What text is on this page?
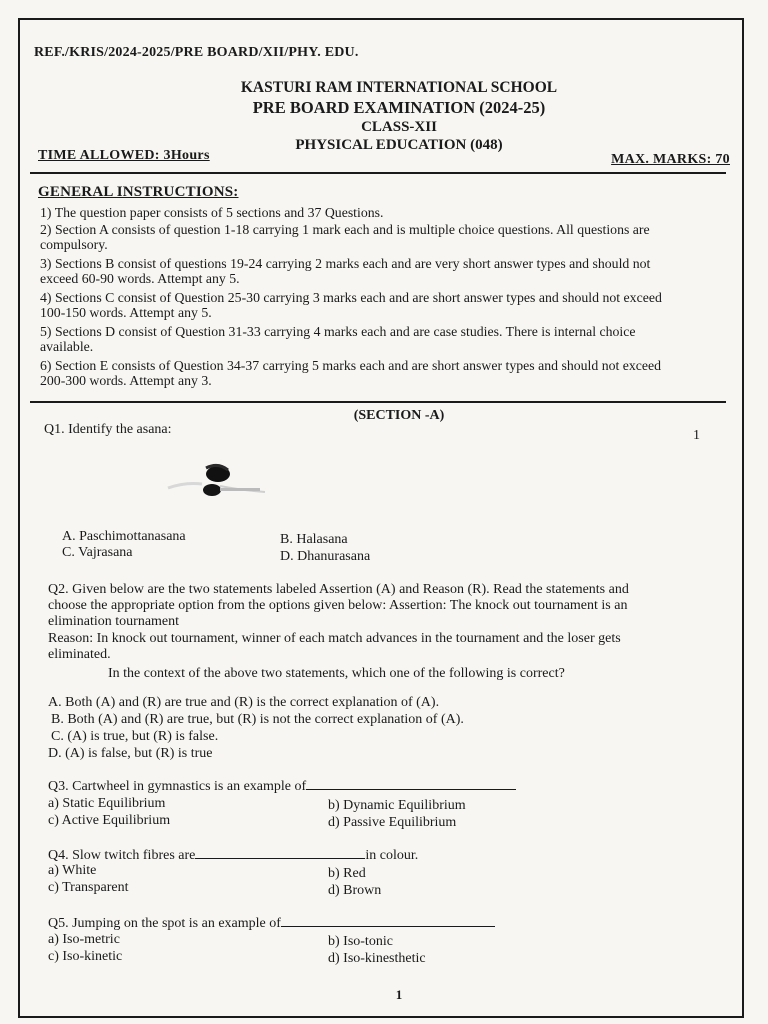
REF./KRIS/2024-2025/PRE BOARD/XII/PHY. EDU.
KASTURI RAM INTERNATIONAL SCHOOL
PRE BOARD EXAMINATION (2024-25)
CLASS-XII
PHYSICAL EDUCATION (048)
TIME ALLOWED: 3Hours	MAX. MARKS: 70
GENERAL INSTRUCTIONS:
1) The question paper consists of 5 sections and 37 Questions.
2) Section A consists of question 1-18 carrying 1 mark each and is multiple choice questions. All questions are compulsory.
3) Sections B consist of questions 19-24 carrying 2 marks each and are very short answer types and should not exceed 60-90 words. Attempt any 5.
4) Sections C consist of Question 25-30 carrying 3 marks each and are short answer types and should not exceed 100-150 words. Attempt any 5.
5) Sections D consist of Question 31-33 carrying 4 marks each and are case studies. There is internal choice available.
6) Section E consists of Question 34-37 carrying 5 marks each and are short answer types and should not exceed 200-300 words. Attempt any 3.
(SECTION -A)
Q1. Identify the asana:	1
A. Paschimottanasana	B. Halasana
C. Vajrasana	D. Dhanurasana
Q2. Given below are the two statements labeled Assertion (A) and Reason (R). Read the statements and
choose the appropriate option from the options given below: Assertion: The knock out tournament is an
elimination tournament
Reason: In knock out tournament, winner of each match advances in the tournament and the loser gets
eliminated.
In the context of the above two statements, which one of the following is correct?
A. Both (A) and (R) are true and (R) is the correct explanation of (A).
B. Both (A) and (R) are true, but (R) is not the correct explanation of (A).
C. (A) is true, but (R) is false.
D. (A) is false, but (R) is true
Q3. Cartwheel in gymnastics is an example of
a) Static Equilibrium	b) Dynamic Equilibrium
c) Active Equilibrium	d) Passive Equilibrium
Q4. Slow twitch fibres are	in colour.
a) White	b) Red
c) Transparent	d) Brown
Q5. Jumping on the spot is an example of
a) Iso-metric	b) Iso-tonic
c) Iso-kinetic	d) Iso-kinesthetic
1
